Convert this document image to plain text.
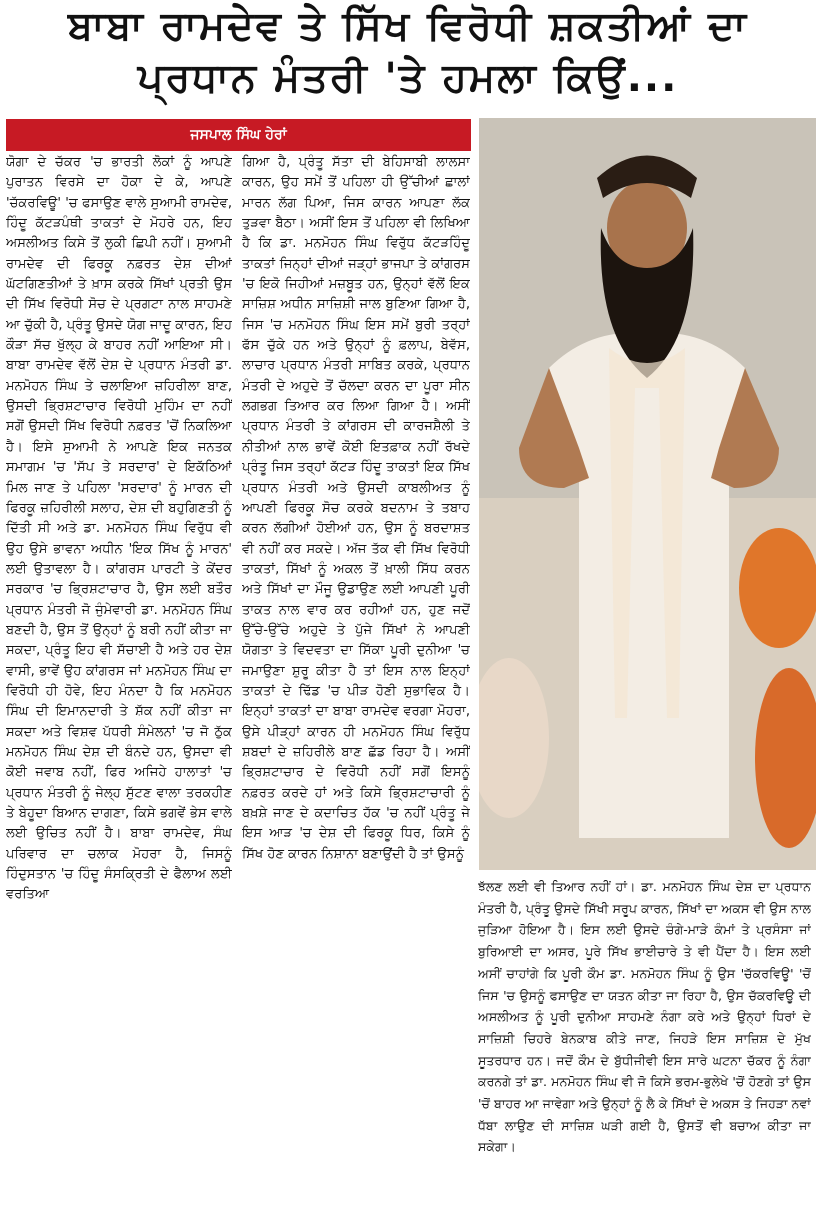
ਬਾਬਾ ਰਾਮਦੇਵ ਤੇ ਸਿੱਖ ਵਿਰੋਧੀ ਸ਼ਕਤੀਆਂ ਦਾ
ਪ੍ਰਧਾਨ ਮੰਤਰੀ 'ਤੇ ਹਮਲਾ ਕਿਉਂ...
ਜਸਪਾਲ ਸਿੰਘ ਹੇਰਾਂ
ਯੋਗਾ ਦੇ ਚੱਕਰ 'ਚ ਭਾਰਤੀ ਲੋਕਾਂ ਨੂੰ ਆਪਣੇ ਪੁਰਾਤਨ ਵਿਰਸੇ ਦਾ ਹੋਕਾ ਦੇ ਕੇ, ਆਪਣੇ 'ਚੱਕਰਵਿਊ' 'ਚ ਫਸਾਉਣ ਵਾਲੇ ਸੁਆਮੀ ਰਾਮਦੇਵ, ਹਿੰਦੂ ਕੱਟੜਪੰਥੀ ਤਾਕਤਾਂ ਦੇ ਮੋਹਰੇ ਹਨ, ਇਹ ਅਸਲੀਅਤ ਕਿਸੇ ਤੋਂ ਲੁਕੀ ਛਿਪੀ ਨਹੀਂ। ਸੁਆਮੀ ਰਾਮਦੇਵ ਦੀ ਫਿਰਕੂ ਨਫ਼ਰਤ ਦੇਸ਼ ਦੀਆਂ ਘੱਟਗਿਣਤੀਆਂ ਤੇ ਖ਼ਾਸ ਕਰਕੇ ਸਿੱਖਾਂ ਪ੍ਰਤੀ ਉਸ ਦੀ ਸਿੱਖ ਵਿਰੋਧੀ ਸੋਚ ਦੇ ਪ੍ਰਗਟਾ ਨਾਲ ਸਾਹਮਣੇ ਆ ਚੁੱਕੀ ਹੈ, ਪ੍ਰੰਤੂ ਉਸਦੇ ਯੋਗ ਜਾਦੂ ਕਾਰਨ, ਇਹ ਕੌੜਾ ਸੱਚ ਖੁੱਲ੍ਹ ਕੇ ਬਾਹਰ ਨਹੀਂ ਆਇਆ ਸੀ। ਬਾਬਾ ਰਾਮਦੇਵ ਵੱਲੋਂ ਦੇਸ਼ ਦੇ ਪ੍ਰਧਾਨ ਮੰਤਰੀ ਡਾ. ਮਨਮੋਹਨ ਸਿੰਘ ਤੇ ਚਲਾਇਆ ਜ਼ਹਿਰੀਲਾ ਬਾਣ, ਉਸਦੀ ਭ੍ਰਿਸ਼ਟਾਚਾਰ ਵਿਰੋਧੀ ਮੁਹਿੰਮ ਦਾ ਨਹੀਂ ਸਗੋਂ ਉਸਦੀ ਸਿੱਖ ਵਿਰੋਧੀ ਨਫ਼ਰਤ 'ਚੋਂ ਨਿਕਲਿਆ ਹੈ। ਇਸੇ ਸੁਆਮੀ ਨੇ ਆਪਣੇ ਇਕ ਜਨਤਕ ਸਮਾਗਮ 'ਚ 'ਸੱਪ ਤੇ ਸਰਦਾਰ' ਦੇ ਇਕੱਠਿਆਂ ਮਿਲ ਜਾਣ ਤੇ ਪਹਿਲਾ 'ਸਰਦਾਰ' ਨੂੰ ਮਾਰਨ ਦੀ ਫਿਰਕੂ ਜ਼ਹਿਰੀਲੀ ਸਲਾਹ, ਦੇਸ਼ ਦੀ ਬਹੁਗਿਣਤੀ ਨੂੰ ਦਿੱਤੀ ਸੀ ਅਤੇ ਡਾ. ਮਨਮੋਹਨ ਸਿੰਘ ਵਿਰੁੱਧ ਵੀ ਉਹ ਉਸੇ ਭਾਵਨਾ ਅਧੀਨ 'ਇਕ ਸਿੱਖ ਨੂੰ ਮਾਰਨ' ਲਈ ਉਤਾਵਲਾ ਹੈ। ਕਾਂਗਰਸ ਪਾਰਟੀ ਤੇ ਕੇਂਦਰ ਸਰਕਾਰ 'ਚ ਭ੍ਰਿਸ਼ਟਾਚਾਰ ਹੈ, ਉਸ ਲਈ ਬਤੌਰ ਪ੍ਰਧਾਨ ਮੰਤਰੀ ਜੋ ਜੁੰਮੇਵਾਰੀ ਡਾ. ਮਨਮੋਹਨ ਸਿੰਘ ਬਣਦੀ ਹੈ, ਉਸ ਤੋਂ ਉਨ੍ਹਾਂ ਨੂੰ ਬਰੀ ਨਹੀਂ ਕੀਤਾ ਜਾ ਸਕਦਾ, ਪ੍ਰੰਤੂ ਇਹ ਵੀ ਸੱਚਾਈ ਹੈ ਅਤੇ ਹਰ ਦੇਸ਼ ਵਾਸੀ, ਭਾਵੇਂ ਉਹ ਕਾਂਗਰਸ ਜਾਂ ਮਨਮੋਹਨ ਸਿੰਘ ਦਾ ਵਿਰੋਧੀ ਹੀ ਹੋਵੇ, ਇਹ ਮੰਨਦਾ ਹੈ ਕਿ ਮਨਮੋਹਨ ਸਿੰਘ ਦੀ ਇਮਾਨਦਾਰੀ ਤੇ ਸ਼ੱਕ ਨਹੀਂ ਕੀਤਾ ਜਾ ਸਕਦਾ ਅਤੇ ਵਿਸ਼ਵ ਪੱਧਰੀ ਸੰਮੇਲਨਾਂ 'ਚ ਜੋ ਠੁੱਕ ਮਨਮੋਹਨ ਸਿੰਘ ਦੇਸ਼ ਦੀ ਬੰਨਦੇ ਹਨ, ਉਸਦਾ ਵੀ ਕੋਈ ਜਵਾਬ ਨਹੀਂ, ਫਿਰ ਅਜਿਹੇ ਹਾਲਾਤਾਂ 'ਚ ਪ੍ਰਧਾਨ ਮੰਤਰੀ ਨੂੰ ਜੇਲ੍ਹ ਸੁੱਟਣ ਵਾਲਾ ਤਰਕਹੀਣ ਤੇ ਬੇਹੂਦਾ ਬਿਆਨ ਦਾਗਣਾ, ਕਿਸੇ ਭਗਵੇਂ ਭੇਸ ਵਾਲੇ ਲਈ ਉਚਿਤ ਨਹੀਂ ਹੈ। ਬਾਬਾ ਰਾਮਦੇਵ, ਸੰਘ ਪਰਿਵਾਰ ਦਾ ਚਲਾਕ ਮੋਹਰਾ ਹੈ, ਜਿਸਨੂੰ ਹਿੰਦੁਸਤਾਨ 'ਚ ਹਿੰਦੂ ਸੰਸਕ੍ਰਿਤੀ ਦੇ ਫੈਲਾਅ ਲਈ ਵਰਤਿਆ
ਗਿਆ ਹੈ, ਪ੍ਰੰਤੂ ਸੱਤਾ ਦੀ ਬੇਹਿਸਾਬੀ ਲਾਲਸਾ ਕਾਰਨ, ਉਹ ਸਮੇਂ ਤੋਂ ਪਹਿਲਾ ਹੀ ਉੱਚੀਆਂ ਛਾਲਾਂ ਮਾਰਨ ਲੱਗ ਪਿਆ, ਜਿਸ ਕਾਰਨ ਆਪਣਾ ਲੱਕ ਤੁੜਵਾ ਬੈਠਾ। ਅਸੀਂ ਇਸ ਤੋਂ ਪਹਿਲਾ ਵੀ ਲਿਖਿਆ ਹੈ ਕਿ ਡਾ. ਮਨਮੋਹਨ ਸਿੰਘ ਵਿਰੁੱਧ ਕੱਟੜਹਿੰਦੂ ਤਾਕਤਾਂ ਜਿਨ੍ਹਾਂ ਦੀਆਂ ਜੜ੍ਹਾਂ ਭਾਜਪਾ ਤੇ ਕਾਂਗਰਸ 'ਚ ਇਕੋ ਜਿਹੀਆਂ ਮਜ਼ਬੂਤ ਹਨ, ਉਨ੍ਹਾਂ ਵੱਲੋਂ ਇਕ ਸਾਜ਼ਿਸ਼ ਅਧੀਨ ਸਾਜ਼ਿਸ਼ੀ ਜਾਲ ਬੁਣਿਆ ਗਿਆ ਹੈ, ਜਿਸ 'ਚ ਮਨਮੋਹਨ ਸਿੰਘ ਇਸ ਸਮੇਂ ਬੁਰੀ ਤਰ੍ਹਾਂ ਫੱਸ ਚੁੱਕੇ ਹਨ ਅਤੇ ਉਨ੍ਹਾਂ ਨੂੰ ਫ਼ਲਾਪ, ਬੇਵੱਸ, ਲਾਚਾਰ ਪ੍ਰਧਾਨ ਮੰਤਰੀ ਸਾਬਿਤ ਕਰਕੇ, ਪ੍ਰਧਾਨ ਮੰਤਰੀ ਦੇ ਅਹੁਦੇ ਤੋਂ ਚੱਲਦਾ ਕਰਨ ਦਾ ਪੂਰਾ ਸੀਨ ਲਗਭਗ ਤਿਆਰ ਕਰ ਲਿਆ ਗਿਆ ਹੈ। ਅਸੀਂ ਪ੍ਰਧਾਨ ਮੰਤਰੀ ਤੇ ਕਾਂਗਰਸ ਦੀ ਕਾਰਜਸ਼ੈਲੀ ਤੇ ਨੀਤੀਆਂ ਨਾਲ ਭਾਵੇਂ ਕੋਈ ਇਤਫ਼ਾਕ ਨਹੀਂ ਰੱਖਦੇ ਪ੍ਰੰਤੂ ਜਿਸ ਤਰ੍ਹਾਂ ਕੱਟੜ ਹਿੰਦੂ ਤਾਕਤਾਂ ਇਕ ਸਿੱਖ ਪ੍ਰਧਾਨ ਮੰਤਰੀ ਅਤੇ ਉਸਦੀ ਕਾਬਲੀਅਤ ਨੂੰ ਆਪਣੀ ਫਿਰਕੂ ਸੋਚ ਕਰਕੇ ਬਦਨਾਮ ਤੇ ਤਬਾਹ ਕਰਨ ਲੱਗੀਆਂ ਹੋਈਆਂ ਹਨ, ਉਸ ਨੂੰ ਬਰਦਾਸ਼ਤ ਵੀ ਨਹੀਂ ਕਰ ਸਕਦੇ। ਅੱਜ ਤੱਕ ਵੀ ਸਿੱਖ ਵਿਰੋਧੀ ਤਾਕਤਾਂ, ਸਿੱਖਾਂ ਨੂੰ ਅਕਲ ਤੋਂ ਖ਼ਾਲੀ ਸਿੱਧ ਕਰਨ ਅਤੇ ਸਿੱਖਾਂ ਦਾ ਮੌਜੂ ਉਡਾਉਣ ਲਈ ਆਪਣੀ ਪੂਰੀ ਤਾਕਤ ਨਾਲ ਵਾਰ ਕਰ ਰਹੀਆਂ ਹਨ, ਹੁਣ ਜਦੋਂ ਉੱਚੇ-ਉੱਚੇ ਅਹੁਦੇ ਤੇ ਪੁੱਜੇ ਸਿੱਖਾਂ ਨੇ ਆਪਣੀ ਯੋਗਤਾ ਤੇ ਵਿਦਵਤਾ ਦਾ ਸਿੱਕਾ ਪੂਰੀ ਦੁਨੀਆ 'ਚ ਜਮਾਉਣਾ ਸ਼ੁਰੂ ਕੀਤਾ ਹੈ ਤਾਂ ਇਸ ਨਾਲ ਇਨ੍ਹਾਂ ਤਾਕਤਾਂ ਦੇ ਢਿੱਡ 'ਚ ਪੀੜ ਹੋਣੀ ਸੁਭਾਵਿਕ ਹੈ। ਇਨ੍ਹਾਂ ਤਾਕਤਾਂ ਦਾ ਬਾਬਾ ਰਾਮਦੇਵ ਵਰਗਾ ਮੋਹਰਾ, ਉਸੇ ਪੀੜ੍ਹਾਂ ਕਾਰਨ ਹੀ ਮਨਮੋਹਨ ਸਿੰਘ ਵਿਰੁੱਧ ਸ਼ਬਦਾਂ ਦੇ ਜ਼ਹਿਰੀਲੇ ਬਾਣ ਛੱਡ ਰਿਹਾ ਹੈ। ਅਸੀਂ ਭ੍ਰਿਸ਼ਟਾਚਾਰ ਦੇ ਵਿਰੋਧੀ ਨਹੀਂ ਸਗੋਂ ਇਸਨੂੰ ਨਫ਼ਰਤ ਕਰਦੇ ਹਾਂ ਅਤੇ ਕਿਸੇ ਭ੍ਰਿਸ਼ਟਾਚਾਰੀ ਨੂੰ ਬਖ਼ਸ਼ੇ ਜਾਣ ਦੇ ਕਦਾਚਿਤ ਹੱਕ 'ਚ ਨਹੀਂ ਪ੍ਰੰਤੂ ਜੇ ਇਸ ਆੜ 'ਚ ਦੇਸ਼ ਦੀ ਫਿਰਕੂ ਧਿਰ, ਕਿਸੇ ਨੂੰ ਸਿੱਖ ਹੋਣ ਕਾਰਨ ਨਿਸ਼ਾਨਾ ਬਣਾਉਂਦੀ ਹੈ ਤਾਂ ਉਸਨੂੰ
ਝੱਲਣ ਲਈ ਵੀ ਤਿਆਰ ਨਹੀਂ ਹਾਂ। ਡਾ. ਮਨਮੋਹਨ ਸਿੰਘ ਦੇਸ਼ ਦਾ ਪ੍ਰਧਾਨ ਮੰਤਰੀ ਹੈ, ਪ੍ਰੰਤੂ ਉਸਦੇ ਸਿੱਖੀ ਸਰੂਪ ਕਾਰਨ, ਸਿੱਖਾਂ ਦਾ ਅਕਸ ਵੀ ਉਸ ਨਾਲ ਜੁੜਿਆ ਹੋਇਆ ਹੈ। ਇਸ ਲਈ ਉਸਦੇ ਚੰਗੇ-ਮਾੜੇ ਕੰਮਾਂ ਤੇ ਪ੍ਰਸੰਸਾ ਜਾਂ ਬੁਰਿਆਈ ਦਾ ਅਸਰ, ਪੂਰੇ ਸਿੱਖ ਭਾਈਚਾਰੇ ਤੇ ਵੀ ਪੈਂਦਾ ਹੈ। ਇਸ ਲਈ ਅਸੀਂ ਚਾਹਾਂਗੇ ਕਿ ਪੂਰੀ ਕੌਮ ਡਾ. ਮਨਮੋਹਨ ਸਿੰਘ ਨੂੰ ਉਸ 'ਚੱਕਰਵਿਊ' 'ਚੋਂ ਜਿਸ 'ਚ ਉਸਨੂੰ ਫਸਾਉਣ ਦਾ ਯਤਨ ਕੀਤਾ ਜਾ ਰਿਹਾ ਹੈ, ਉਸ ਚੱਕਰਵਿਊ ਦੀ ਅਸਲੀਅਤ ਨੂੰ ਪੂਰੀ ਦੁਨੀਆ ਸਾਹਮਣੇ ਨੰਗਾ ਕਰੇ ਅਤੇ ਉਨ੍ਹਾਂ ਧਿਰਾਂ ਦੇ ਸਾਜ਼ਿਸ਼ੀ ਚਿਹਰੇ ਬੇਨਕਾਬ ਕੀਤੇ ਜਾਣ, ਜਿਹੜੇ ਇਸ ਸਾਜ਼ਿਸ਼ ਦੇ ਮੁੱਖ ਸੂਤਰਧਾਰ ਹਨ। ਜਦੋਂ ਕੌਮ ਦੇ ਬੁੱਧੀਜੀਵੀ ਇਸ ਸਾਰੇ ਘਟਨਾ ਚੱਕਰ ਨੂੰ ਨੰਗਾ ਕਰਨਗੇ ਤਾਂ ਡਾ. ਮਨਮੋਹਨ ਸਿੰਘ ਵੀ ਜੋ ਕਿਸੇ ਭਰਮ-ਭੁਲੇਖੇ 'ਚੋਂ ਹੋਣਗੇ ਤਾਂ ਉਸ 'ਚੋਂ ਬਾਹਰ ਆ ਜਾਵੇਗਾ ਅਤੇ ਉਨ੍ਹਾਂ ਨੂੰ ਲੈ ਕੇ ਸਿੱਖਾਂ ਦੇ ਅਕਸ ਤੇ ਜਿਹੜਾ ਨਵਾਂ ਧੱਬਾ ਲਾਉਣ ਦੀ ਸਾਜ਼ਿਸ਼ ਘੜੀ ਗਈ ਹੈ, ਉਸਤੋਂ ਵੀ ਬਚਾਅ ਕੀਤਾ ਜਾ ਸਕੇਗਾ।
